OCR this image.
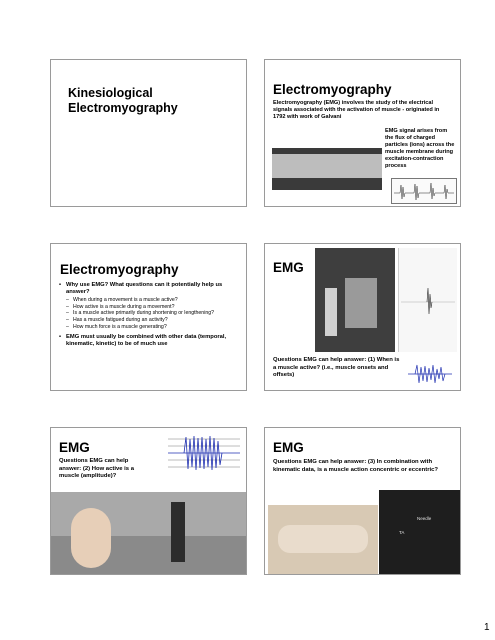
Kinesiological
Electromyography
Electromyography
Electromyography (EMG) involves the study of the electrical signals associated with the activation of muscle - originated in 1792 with work of Galvani
EMG signal arises from the flux of charged particles (ions) across the muscle membrane during excitation-contraction process
Electromyography
• Why use EMG? What questions can it potentially help us answer?
– When during a movement is a muscle active?
– How active is a muscle during a movement?
– Is a muscle active primarily during shortening or lengthening?
– Has a muscle fatigued during an activity?
– How much force is a muscle generating?
• EMG must usually be combined with other data (temporal, kinematic, kinetic) to be of much use
EMG
Questions EMG can help answer: (1) When is a muscle active? (i.e., muscle onsets and offsets)
EMG
Questions EMG can help answer: (2) How active is a muscle (amplitude)?
EMG
Questions EMG can help answer: (3) In combination with kinematic data, is a muscle action concentric or eccentric?
Needle
TA
1
